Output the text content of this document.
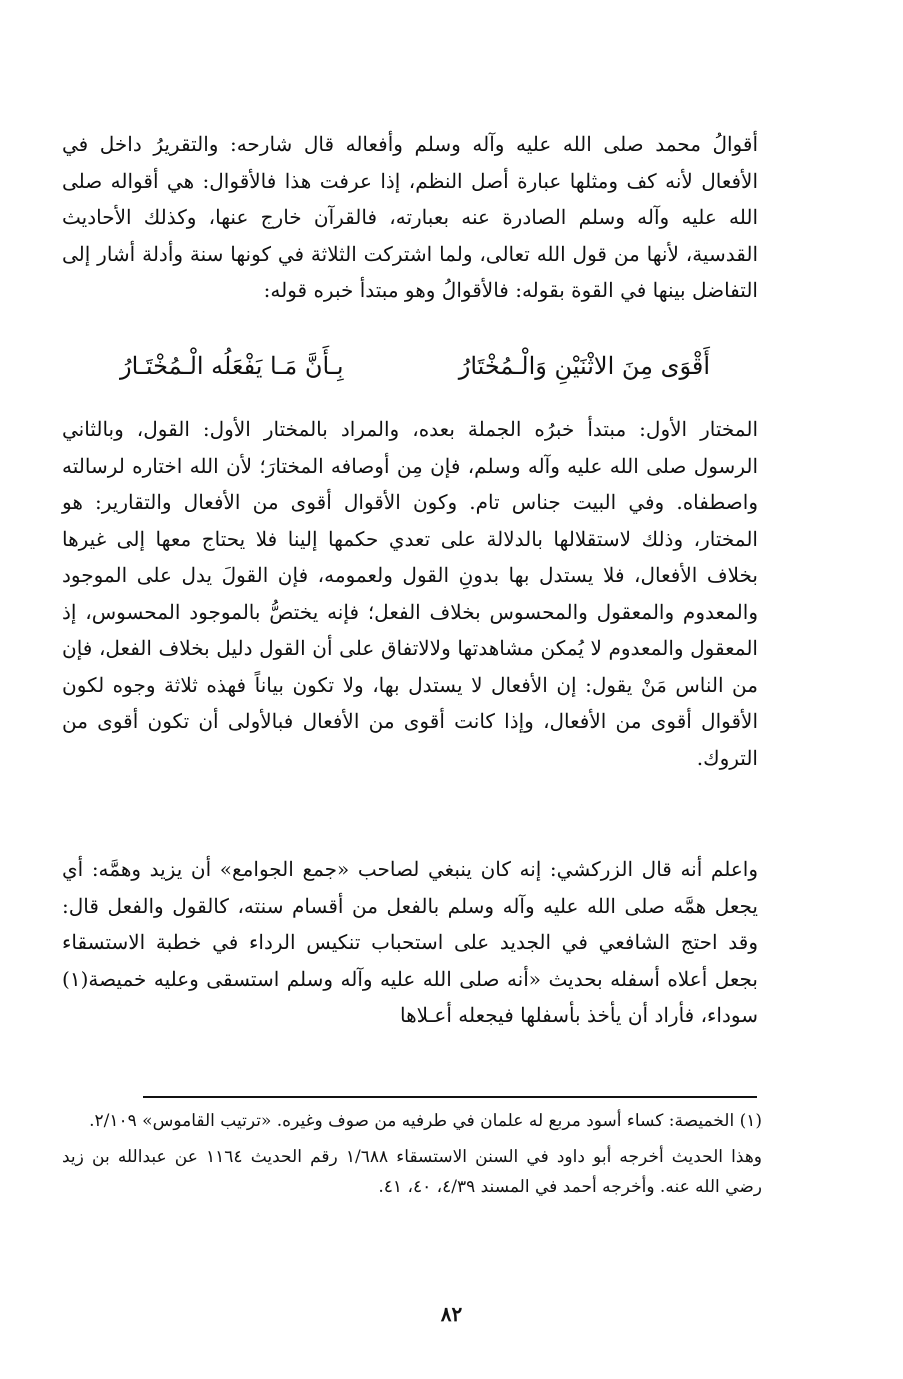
أقوالُ محمد صلى الله عليه وآله وسلم وأفعاله قال شارحه: والتقريرُ داخل في الأفعال لأنه كف ومثلها عبارة أصل النظم، إذا عرفت هذا فالأقوال: هي أقواله صلى الله عليه وآله وسلم الصادرة عنه بعبارته، فالقرآن خارج عنها، وكذلك الأحاديث القدسية، لأنها من قول الله تعالى، ولما اشتركت الثلاثة في كونها سنة وأدلة أشار إلى التفاضل بينها في القوة بقوله: فالأقوالُ وهو مبتدأ خبره قوله:

أَقْوَى مِنَ الاثْنَيْنِ وَالْـمُخْتَارُ
بِـأَنَّ مَـا يَفْعَلُه الْـمُخْتَـارُ

المختار الأول: مبتدأ خبرُه الجملة بعده، والمراد بالمختار الأول: القول، وبالثاني الرسول صلى الله عليه وآله وسلم، فإن مِن أوصافه المختارَ؛ لأن الله اختاره لرسالته واصطفاه. وفي البيت جناس تام. وكون الأقوال أقوى من الأفعال والتقارير: هو المختار، وذلك لاستقلالها بالدلالة على تعدي حكمها إلينا فلا يحتاج معها إلى غيرها بخلاف الأفعال، فلا يستدل بها بدونِ القول ولعمومه، فإن القولَ يدل على الموجود والمعدوم والمعقول والمحسوس بخلاف الفعل؛ فإنه يختصُّ بالموجود المحسوس، إذ المعقول والمعدوم لا يُمكن مشاهدتها ولالاتفاق على أن القول دليل بخلاف الفعل، فإن من الناس مَنْ يقول: إن الأفعال لا يستدل بها، ولا تكون بياناً فهذه ثلاثة وجوه لكون الأقوال أقوى من الأفعال، وإذا كانت أقوى من الأفعال فبالأولى أن تكون أقوى من التروك.

واعلم أنه قال الزركشي: إنه كان ينبغي لصاحب «جمع الجوامع» أن يزيد وهمَّه: أي يجعل همَّه صلى الله عليه وآله وسلم بالفعل من أقسام سنته، كالقول والفعل قال: وقد احتج الشافعي في الجديد على استحباب تنكيس الرداء في خطبة الاستسقاء بجعل أعلاه أسفله بحديث «أنه صلى الله عليه وآله وسلم استسقى وعليه خميصة(١) سوداء، فأراد أن يأخذ بأسفلها فيجعله أعـلاها

(١) الخميصة: كساء أسود مربع له علمان في طرفيه من صوف وغيره. «ترتيب القاموس» ٢/١٠٩.

وهذا الحديث أخرجه أبو داود في السنن الاستسقاء ١/٦٨٨ رقم الحديث ١١٦٤ عن عبدالله بن زيد رضي الله عنه. وأخرجه أحمد في المسند ٤/٣٩، ٤٠، ٤١.

٨٢
